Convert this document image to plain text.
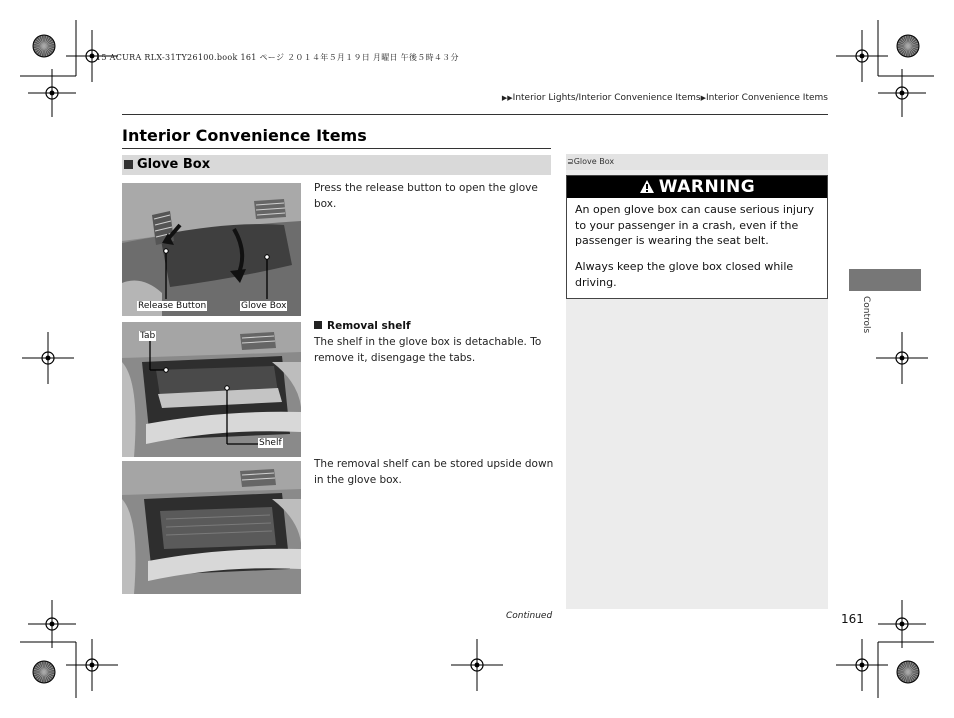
15 ACURA RLX-31TY26100.book 161 ページ ２０１４年５月１９日 月曜日 午後５時４３分
▶▶Interior Lights/Interior Convenience Items▶Interior Convenience Items
Interior Convenience Items
Glove Box
Release Button	Glove Box
Tab
Shelf
Press the release button to open the glove box.
Removal shelf
The shelf in the glove box is detachable. To remove it, disengage the tabs.
The removal shelf can be stored upside down in the glove box.
⊇Glove Box
WARNING
An open glove box can cause serious injury to your passenger in a crash, even if the passenger is wearing the seat belt.
Always keep the glove box closed while driving.
Controls
Continued	161
